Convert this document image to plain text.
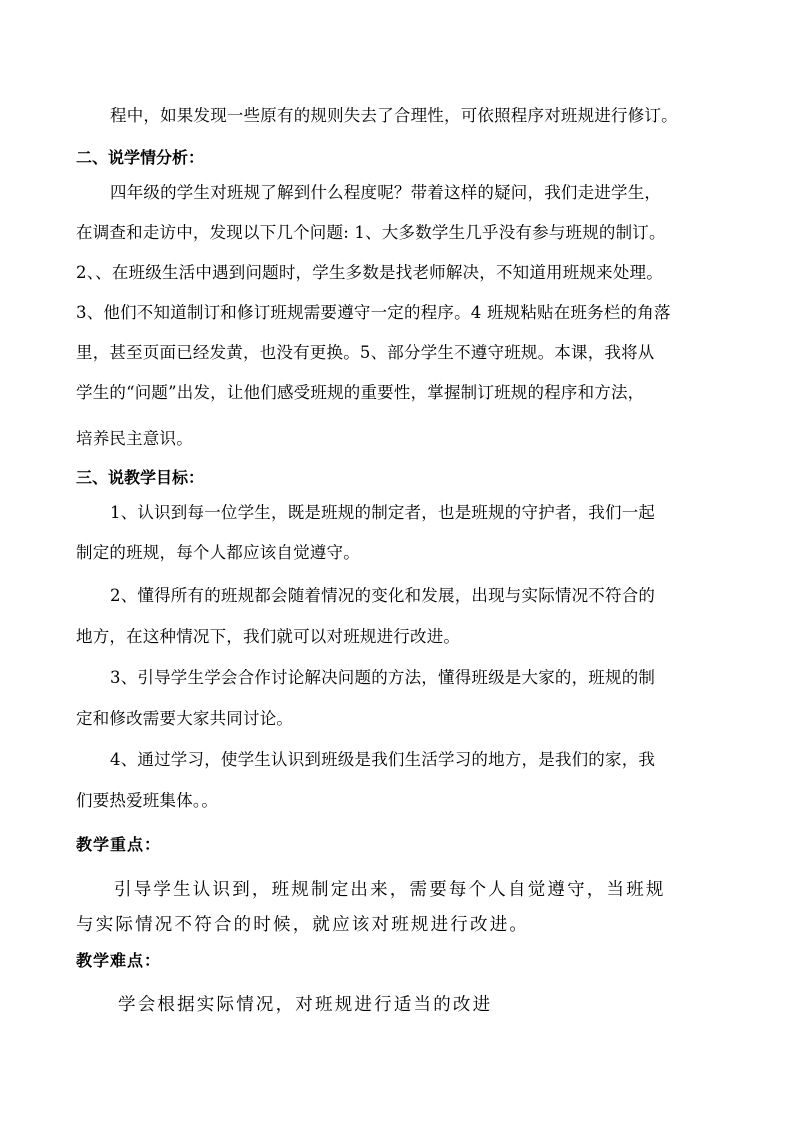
程中，如果发现一些原有的规则失去了合理性，可依照程序对班规进行修订。
二、说学情分析：
四年级的学生对班规了解到什么程度呢？带着这样的疑问，我们走进学生，
在调查和走访中，发现以下几个问题: 1、大多数学生几乎没有参与班规的制订。
2、、在班级生活中遇到问题时，学生多数是找老师解决，不知道用班规来处理。
3、他们不知道制订和修订班规需要遵守一定的程序。4 班规粘贴在班务栏的角落
里，甚至页面已经发黄，也没有更换。5、部分学生不遵守班规。本课，我将从
学生的“问题”出发，让他们感受班规的重要性，掌握制订班规的程序和方法，
培养民主意识。
三、说教学目标：
1、认识到每一位学生，既是班规的制定者，也是班规的守护者，我们一起
制定的班规，每个人都应该自觉遵守。
2、懂得所有的班规都会随着情况的变化和发展，出现与实际情况不符合的
地方，在这种情况下，我们就可以对班规进行改进。
3、引导学生学会合作讨论解决问题的方法，懂得班级是大家的，班规的制
定和修改需要大家共同讨论。
4、通过学习，使学生认识到班级是我们生活学习的地方，是我们的家，我
们要热爱班集体。。
教学重点：
引导学生认识到，班规制定出来，需要每个人自觉遵守，当班规
与实际情况不符合的时候，就应该对班规进行改进。
教学难点：
学会根据实际情况，对班规进行适当的改进
